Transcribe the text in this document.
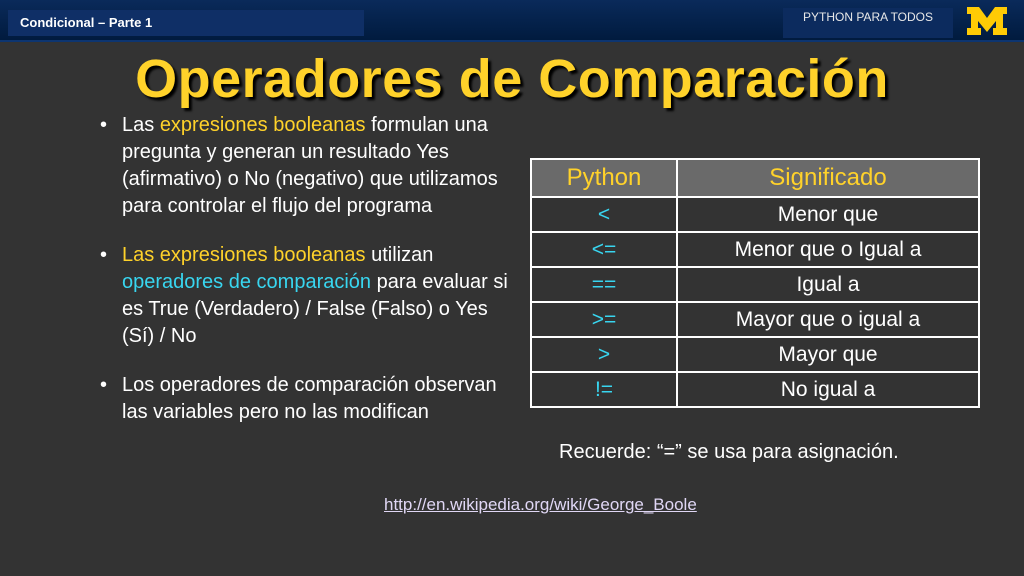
Condicional – Parte 1	PYTHON PARA TODOS
Operadores de Comparación
• Las expresiones booleanas formulan una pregunta y generan un resultado Yes (afirmativo) o No (negativo) que utilizamos para controlar el flujo del programa
• Las expresiones booleanas utilizan operadores de comparación para evaluar si es True (Verdadero) / False (Falso) o Yes (Sí) / No
• Los operadores de comparación observan las variables pero no las modifican
Python	Significado
<	Menor que
<=	Menor que o Igual a
==	Igual a
>=	Mayor que o igual a
>	Mayor que
!=	No igual a
Recuerde: “=” se usa para asignación.
http://en.wikipedia.org/wiki/George_Boole
